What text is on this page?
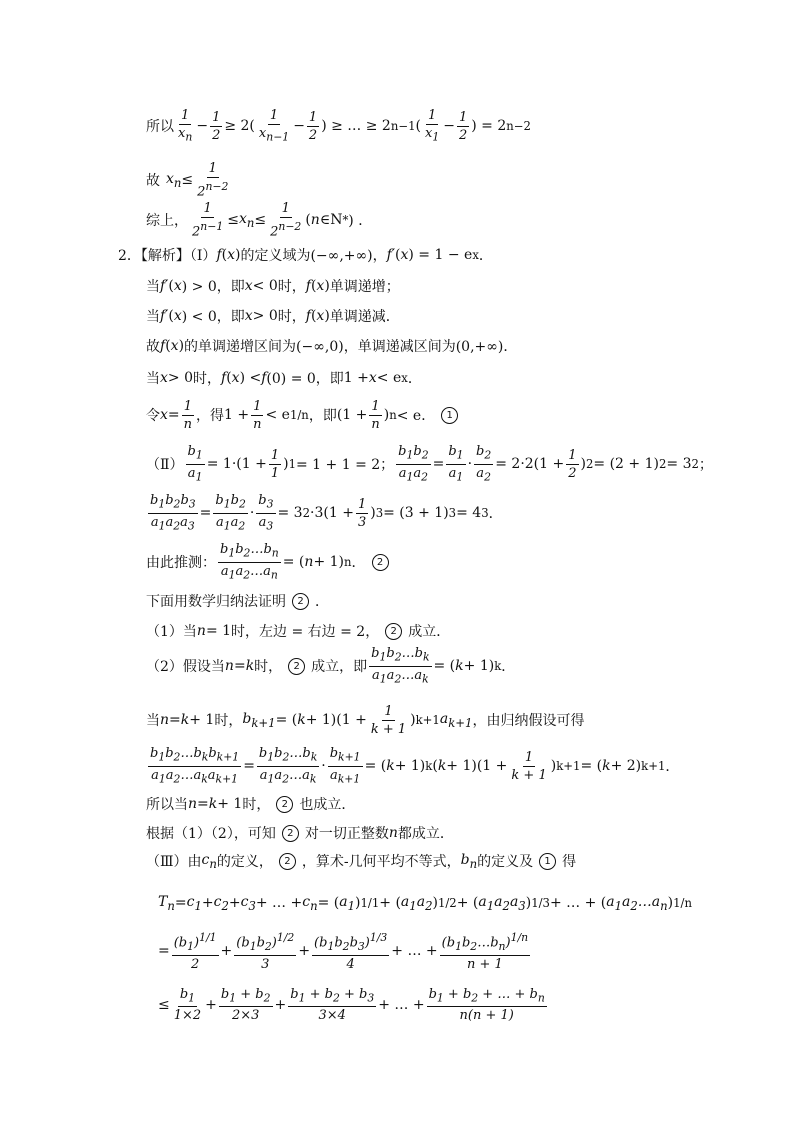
所以 $\frac{1}{x_n} - \frac{1}{2} \ge 2( \frac{1}{x_{n-1}} - \frac{1}{2}$ ) ≥ … ≥ 2 n−1 ( $\frac{1}{x_1} - \frac{1}{2}$ ) = 2 n−2
故 $x_n \le \frac{1}{2^{n-2}}$
综上， $\frac{1}{2^{n-1}} \le x_n \le \frac{1}{2^{n-2}}$ ( n ∈N * ) ．
2．【解析】（Ⅰ） f ( x ) 的定义域为 (−∞,+∞)， f′ ( x ) = 1 − e x ．
当 f′ ( x ) > 0， 即 x < 0 时， f ( x ) 单调递增；
当 f′ ( x ) < 0， 即 x > 0 时， f ( x ) 单调递减．
故 f ( x ) 的单调递增区间为 (−∞,0)， 单调递减区间为 (0,+∞)．
当 x > 0 时， f ( x ) < f (0) = 0， 即 1 + x < e x ．
令 $x = \frac{1}{n}$ ， 得 $1 + \frac{1}{n} < e$ 1/n ， 即 ($1 + \frac{1}{n}$ ) n < e．	1
（Ⅱ） $\frac{b_1}{a_1} = 1\cdot(1 + \frac{1}{1}$ ) 1 = 1 + 1 = 2； $\frac{b_1b_2}{a_1a_2} = \frac{b_1}{a_1} \cdot \frac{b_2}{a_2} = 2\cdot 2(1 + \frac{1}{2}$ ) 2 = (2 + 1) 2 = 3 2 ；
$\frac{b_1b_2b_3}{a_1a_2a_3} = \frac{b_1b_2}{a_1a_2} \cdot \frac{b_3}{a_3} = 3$ $2 \cdot 3(1 + \frac{1}{3}$ ) 3 = (3 + 1) 3 = 4 3 ．
由此推测： $\frac{b_1b_2\dots b_n}{a_1a_2\dots a_n}$ = ( n + 1) n ．	2
下面用数学归纳法证明	2 ．
（1）当 n = 1 时，左边 = 右边 = 2，	2 成立．
（2）假设当 n = k 时，	2 成立，即 $\frac{b_1b_2\dots b_k}{a_1a_2\dots a_k}$ = ( k + 1) k ．
当 n = k + 1 时， $b_{k+1}$ = ( $k + 1)(1 + \frac{1}{k + 1}$ ) k+1 $a_{k+1}$ ， 由归纳假设可得
$\frac{b_1b_2\dots b_kb_{k+1}}{a_1a_2\dots a_ka_{k+1}} = \frac{b_1b_2\dots b_k}{a_1a_2\dots a_k} \cdot \frac{b_{k+1}}{a_{k+1}}$ = ( k + 1) k ( $k + 1)(1 + \frac{1}{k + 1}$ ) k+1 = ( k + 2) k+1 ．
所以当 n = k + 1 时，	2 也成立．
根据（1）（2），可知	2 对一切正整数 n 都成立．
（Ⅲ）由 $c_n$ 的定义，	2 ，算术-几何平均不等式， $b_n$ 的定义及	1 得
$T_n = c_1 + c_2 + c_3$ + … + $c_n$ = ( $a_1$ ) 1/1 + ( $a_1a_2$ ) 1/2 + ( $a_1a_2a_3$ ) 1/3 + … + ( $a_1a_2\dots a_n$ ) 1/n
= $\frac{(b_1)^{1/1}}{2} + \frac{(b_1b_2)^{1/2}}{3} + \frac{(b_1b_2b_3)^{1/3}}{4}$ + … + $\frac{(b_1b_2\dots b_n)^{1/n}}{n + 1}$
≤ $\frac{b_1}{1\times 2} + \frac{b_1 + b_2}{2\times 3} + \frac{b_1 + b_2 + b_3}{3\times 4}$ + … + $\frac{b_1 + b_2 + \dots + b_n}{n(n + 1)}$
